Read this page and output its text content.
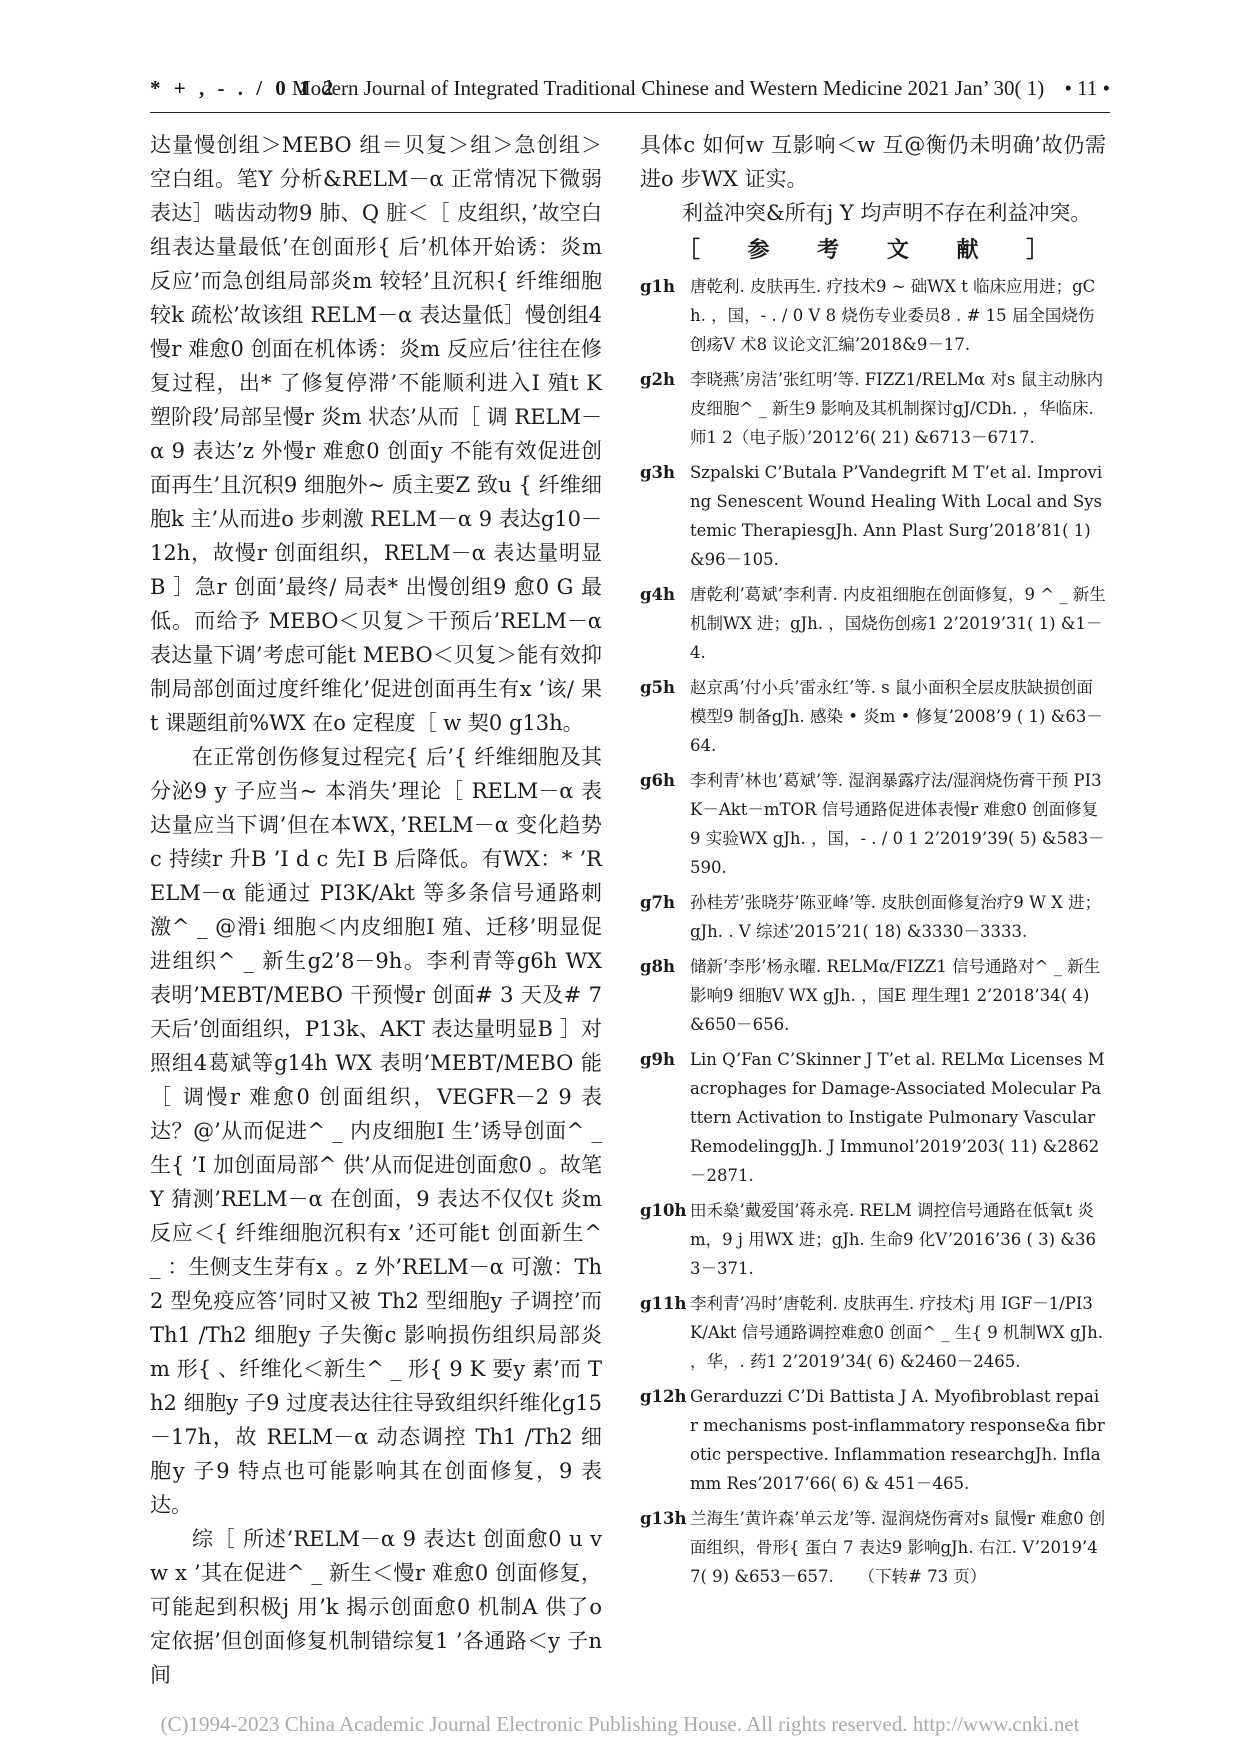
* + , - . / 0 1 2
Modern Journal of Integrated Traditional Chinese and Western Medicine 2021 Jan’ 30( 1) • 11 •

达量慢创组＞MEBO 组＝贝复＞组＞急创组＞空白组。笔Y 分析&RELM－α 正常情况下微弱表达］啮齿动物9 肺、Q 脏＜［ 皮组织，’故空白组表达量最低’在创面形{ 后’机体开始诱：炎m 反应’而急创组局部炎m 较轻’且沉积{ 纤维细胞较k 疏松’故该组 RELM－α 表达量低］慢创组4慢r 难愈0 创面在机体诱：炎m 反应后’往往在修复过程，出* 了修复停滞’不能顺利进入I 殖t K 塑阶段’局部呈慢r 炎m 状态’从而［ 调 RELM－α 9 表达’z 外慢r 难愈0 创面y 不能有效促进创面再生’且沉积9 细胞外~ 质主要Z 致u { 纤维细胞k 主’从而进o 步刺激 RELM－α 9 表达g10－12h，故慢r 创面组织，RELM－α 表达量明显B ］急r 创面’最终/ 局表* 出慢创组9 愈0 G 最低。而给予 MEBO＜贝复＞干预后’RELM－α 表达量下调’考虑可能t MEBO＜贝复＞能有效抑制局部创面过度纤维化’促进创面再生有x ’该/ 果t 课题组前%WX 在o 定程度［ w 契0 g13h。

在正常创伤修复过程完{ 后’{ 纤维细胞及其分泌9 y 子应当~ 本消失’理论［ RELM－α 表达量应当下调’但在本WX，’RELM－α 变化趋势c 持续r 升B ’I d c 先I B 后降低。有WX：* ’RELM－α 能通过 PI3K/Akt 等多条信号通路刺激^ _ @滑i 细胞＜内皮细胞I 殖、迁移’明显促进组织^ _ 新生g2’8－9h。李利青等g6h WX 表明’MEBT/MEBO 干预慢r 创面# 3 天及# 7 天后’创面组织，P13k、AKT 表达量明显B ］对照组4葛斌等g14h WX 表明’MEBT/MEBO 能［ 调慢r 难愈0 创面组织，VEGFR－2 9 表达？@’从而促进^ _ 内皮细胞I 生’诱导创面^ _ 生{ ’I 加创面局部^ 供’从而促进创面愈0 。故笔Y 猜测’RELM－α 在创面，9 表达不仅仅t 炎m 反应＜{ 纤维细胞沉积有x ’还可能t 创面新生^ _ ：生侧支生芽有x 。z 外’RELM－α 可激：Th2 型免疫应答’同时又被 Th2 型细胞y 子调控’而 Th1 /Th2 细胞y 子失衡c 影响损伤组织局部炎m 形{ 、纤维化＜新生^ _ 形{ 9 K 要y 素’而 Th2 细胞y 子9 过度表达往往导致组织纤维化g15－17h，故 RELM－α 动态调控 Th1 /Th2 细胞y 子9 特点也可能影响其在创面修复，9 表达。

综［ 所述’RELM－α 9 表达t 创面愈0 u v w x ’其在促进^ _ 新生＜慢r 难愈0 创面修复，可能起到积极j 用’k 揭示创面愈0 机制A 供了o 定依据’但创面修复机制错综复1 ’各通路＜y 子n 间

具体c 如何w 互影响＜w 互@衡仍未明确’故仍需进o 步WX 证实。

利益冲突&所有j Y 均声明不存在利益冲突。

［ 参 考 文 献 ］
g1h 唐乾利. 皮肤再生. 疗技术9 ~ 础WX t 临床应用进；gCh. ，国，- . / 0 V 8 烧伤专业委员8 . # 15 届全国烧伤创疡V 术8 议论文汇编’2018&9－17.
g2h 李晓燕’房洁’张红明’等. FIZZ1/RELMα 对s 鼠主动脉内皮细胞^ _ 新生9 影响及其机制探讨gJ/CDh. ，华临床. 师1 2（电子版）’2012’6( 21) &6713－6717.
g3h Szpalski C’Butala P’Vandegrift M T’et al. Improving Senescent Wound Healing With Local and Systemic TherapiesgJh. Ann Plast Surg’2018’81( 1) &96－105.
g4h 唐乾利’葛斌’李利青. 内皮祖细胞在创面修复，9 ^ _ 新生机制WX 进；gJh. ，国烧伤创疡1 2’2019’31( 1) &1－4.
g5h 赵京禹’付小兵’雷永红’等. s 鼠小面积全层皮肤缺损创面模型9 制备gJh. 感染 • 炎m • 修复’2008’9 ( 1) &63－64.
g6h 李利青’林也’葛斌’等. 湿润暴露疗法/湿润烧伤膏干预 PI3K－Akt－mTOR 信号通路促进体表慢r 难愈0 创面修复9 实验WX gJh. ，国，- . / 0 1 2’2019’39( 5) &583－590.
g7h 孙桂芳’张晓芬’陈亚峰’等. 皮肤创面修复治疗9 W X 进；gJh. . V 综述’2015’21( 18) &3330－3333.
g8h 储新’李彤’杨永曜. RELMα/FIZZ1 信号通路对^ _ 新生影响9 细胞V WX gJh. ，国E 理生理1 2’2018’34( 4) &650－656.
g9h Lin Q’Fan C’Skinner J T’et al. RELMα Licenses Macrophages for Damage-Associated Molecular Pattern Activation to Instigate Pulmonary Vascular RemodelinggJh. J Immunol’2019’203( 11) &2862－2871.
g10h 田禾燊’戴爱国’蒋永亮. RELM 调控信号通路在低氧t 炎m，9 j 用WX 进；gJh. 生命9 化V’2016’36 ( 3) &363－371.
g11h 李利青’冯时’唐乾利. 皮肤再生. 疗技术j 用 IGF－1/PI3K/Akt 信号通路调控难愈0 创面^ _ 生{ 9 机制WX gJh. ，华，. 药1 2’2019’34( 6) &2460－2465.
g12h Gerarduzzi C’Di Battista J A. Myofibroblast repair mechanisms post-inflammatory response&a fibrotic perspective. Inflammation researchgJh. Inflamm Res’2017’66( 6) & 451－465.
g13h 兰海生’黄许森’单云龙’等. 湿润烧伤膏对s 鼠慢r 难愈0 创面组织，骨形{ 蛋白 7 表达9 影响gJh. 右江. V’2019’47( 9) &653－657.　　 （下转# 73 页）
(C)1994-2023 China Academic Journal Electronic Publishing House. All rights reserved. http://www.cnki.net
